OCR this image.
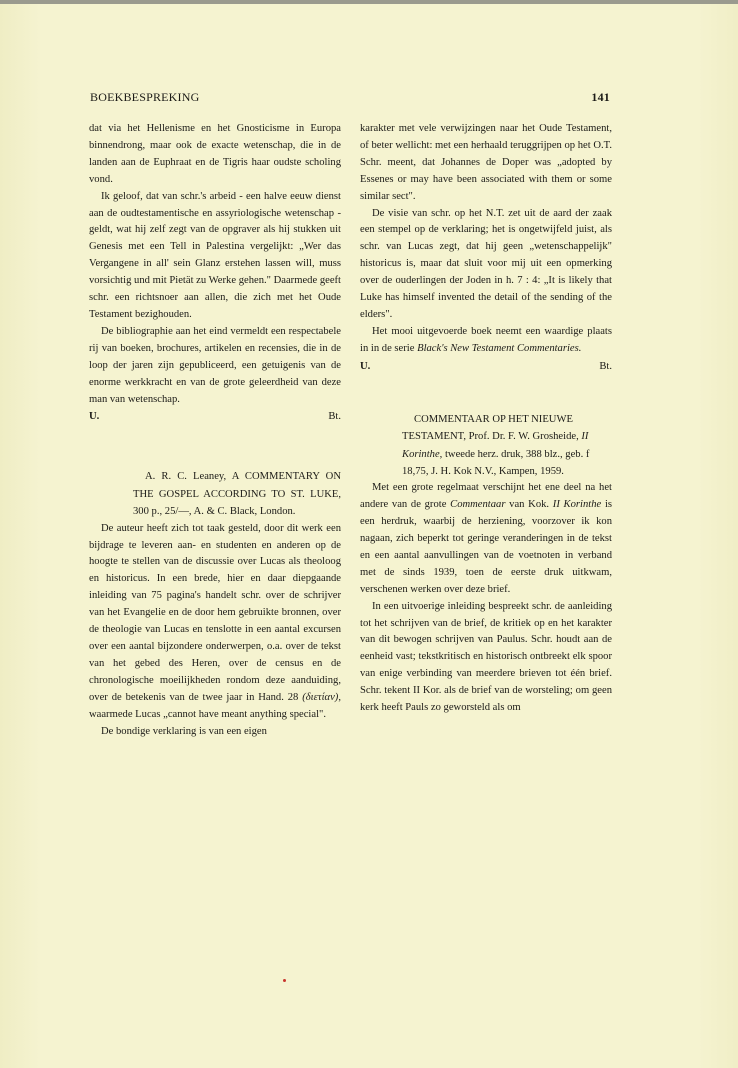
BOEKBESPREKING	141

dat via het Hellenisme en het Gnosticisme in Europa binnendrong, maar ook de exacte wetenschap, die in de landen aan de Euphraat en de Tigris haar oudste scholing vond.

Ik geloof, dat van schr.'s arbeid - een halve eeuw dienst aan de oudtestamentische en assyriologische wetenschap - geldt, wat hij zelf zegt van de opgraver als hij stukken uit Genesis met een Tell in Palestina vergelijkt: „Wer das Vergangene in all' sein Glanz erstehen lassen will, muss vorsichtig und mit Pietät zu Werke gehen." Daarmede geeft schr. een richtsnoer aan allen, die zich met het Oude Testament bezighouden.

De bibliographie aan het eind vermeldt een respectabele rij van boeken, brochures, artikelen en recensies, die in de loop der jaren zijn gepubliceerd, een getuigenis van de enorme werkkracht en van de grote geleerdheid van deze man van wetenschap.

U.	Bt.

A. R. C. Leaney, A COMMENTARY ON THE GOSPEL ACCORDING TO ST. LUKE, 300 p., 25/—, A. & C. Black, London.

De auteur heeft zich tot taak gesteld, door dit werk een bijdrage te leveren aan- en studenten en anderen op de hoogte te stellen van de discussie over Lucas als theoloog en historicus. In een brede, hier en daar diepgaande inleiding van 75 pagina's handelt schr. over de schrijver van het Evangelie en de door hem gebruikte bronnen, over de theologie van Lucas en tenslotte in een aantal excursen over een aantal bijzondere onderwerpen, o.a. over de tekst van het gebed des Heren, over de census en de chronologische moeilijkheden rondom deze aanduiding, over de betekenis van de twee jaar in Hand. 28 (διετίαν), waarmede Lucas „cannot have meant anything special".

De bondige verklaring is van een eigen

karakter met vele verwijzingen naar het Oude Testament, of beter wellicht: met een herhaald teruggrijpen op het O.T. Schr. meent, dat Johannes de Doper was „adopted by Essenes or may have been associated with them or some similar sect".

De visie van schr. op het N.T. zet uit de aard der zaak een stempel op de verklaring; het is ongetwijfeld juist, als schr. van Lucas zegt, dat hij geen „wetenschappelijk" historicus is, maar dat sluit voor mij uit een opmerking over de ouderlingen der Joden in h. 7 : 4: „It is likely that Luke has himself invented the detail of the sending of the elders".

Het mooi uitgevoerde boek neemt een waardige plaats in in de serie Black's New Testament Commentaries.

U.	Bt.

COMMENTAAR OP HET NIEUWE TESTAMENT, Prof. Dr. F. W. Grosheide, II Korinthe, tweede herz. druk, 388 blz., geb. f 18,75, J. H. Kok N.V., Kampen, 1959.

Met een grote regelmaat verschijnt het ene deel na het andere van de grote Commentaar van Kok. II Korinthe is een herdruk, waarbij de herziening, voorzover ik kon nagaan, zich beperkt tot geringe veranderingen in de tekst en een aantal aanvullingen van de voetnoten in verband met de sinds 1939, toen de eerste druk uitkwam, verschenen werken over deze brief.

In een uitvoerige inleiding bespreekt schr. de aanleiding tot het schrijven van de brief, de kritiek op en het karakter van dit bewogen schrijven van Paulus. Schr. houdt aan de eenheid vast; tekstkritisch en historisch ontbreekt elk spoor van enige verbinding van meerdere brieven tot één brief. Schr. tekent II Kor. als de brief van de worsteling; om geen kerk heeft Pauls zo geworsteld als om
